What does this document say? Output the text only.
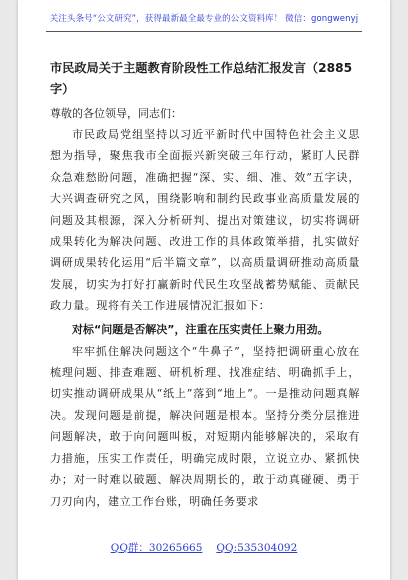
关注头条号“公文研究”，获得最新最全最专业的公文资料库！ 微信：gongwenyj

市民政局关于主题教育阶段性工作总结汇报发言（2885字）

尊敬的各位领导，同志们：

市民政局党组坚持以习近平新时代中国特色社会主义思想为指导，聚焦我市全面振兴新突破三年行动，紧盯人民群众急难愁盼问题，准确把握“深、实、细、准、效”五字诀，大兴调查研究之风，围绕影响和制约民政事业高质量发展的问题及其根源，深入分析研判、提出对策建议，切实将调研成果转化为解决问题、改进工作的具体政策举措，扎实做好调研成果转化运用“后半篇文章”，以高质量调研推动高质量发展，切实为打好打赢新时代民生攻坚战蓄势赋能、贡献民政力量。现将有关工作进展情况汇报如下：

对标“问题是否解决”，注重在压实责任上聚力用劲。

牢牢抓住解决问题这个“牛鼻子”，坚持把调研重心放在梳理问题、排查难题、研机析理、找准症结、明确抓手上，切实推动调研成果从“纸上”落到“地上”。一是推动问题真解决。发现问题是前提，解决问题是根本。坚持分类分层推进问题解决，敢于向问题叫板，对短期内能够解决的，采取有力措施，压实工作责任，明确完成时限，立说立办、紧抓快办；对一时难以破题、解决周期长的，敢于动真碰硬、勇于刀刃向内，建立工作台账，明确任务要求

QQ群：30265665 QQ:535304092
